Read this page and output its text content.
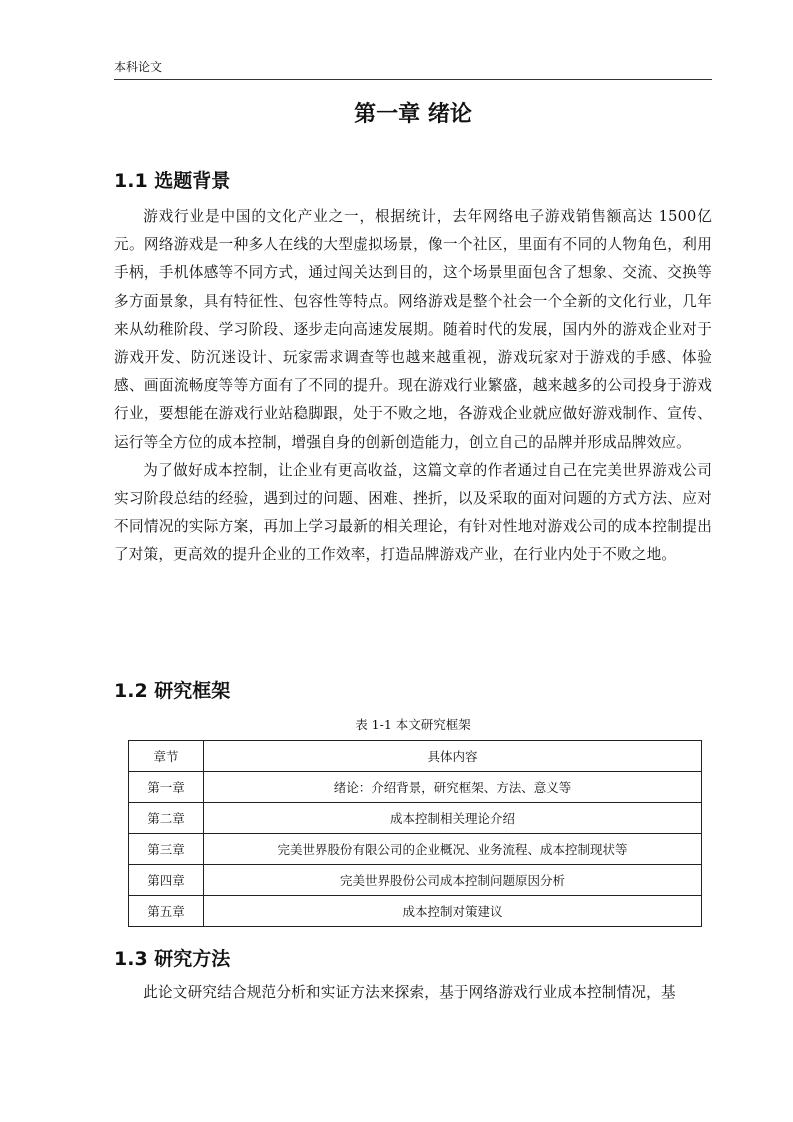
本科论文
第一章 绪论
1.1 选题背景

游戏行业是中国的文化产业之一，根据统计，去年网络电子游戏销售额高达 1500亿元。网络游戏是一种多人在线的大型虚拟场景，像一个社区，里面有不同的人物角色，利用手柄，手机体感等不同方式，通过闯关达到目的，这个场景里面包含了想象、交流、交换等多方面景象，具有特征性、包容性等特点。网络游戏是整个社会一个全新的文化行业，几年来从幼稚阶段、学习阶段、逐步走向高速发展期。随着时代的发展，国内外的游戏企业对于游戏开发、防沉迷设计、玩家需求调查等也越来越重视，游戏玩家对于游戏的手感、体验感、画面流畅度等等方面有了不同的提升。现在游戏行业繁盛，越来越多的公司投身于游戏行业，要想能在游戏行业站稳脚跟，处于不败之地，各游戏企业就应做好游戏制作、宣传、运行等全方位的成本控制，增强自身的创新创造能力，创立自己的品牌并形成品牌效应。

为了做好成本控制，让企业有更高收益，这篇文章的作者通过自己在完美世界游戏公司实习阶段总结的经验，遇到过的问题、困难、挫折，以及采取的面对问题的方式方法、应对不同情况的实际方案，再加上学习最新的相关理论，有针对性地对游戏公司的成本控制提出了对策，更高效的提升企业的工作效率，打造品牌游戏产业，在行业内处于不败之地。

1.2 研究框架
表 1-1 本文研究框架
章节	具体内容
第一章	绪论：介绍背景，研究框架、方法、意义等
第二章	成本控制相关理论介绍
第三章	完美世界股份有限公司的企业概况、业务流程、成本控制现状等
第四章	完美世界股份公司成本控制问题原因分析
第五章	成本控制对策建议
1.3 研究方法

此论文研究结合规范分析和实证方法来探索，基于网络游戏行业成本控制情况，基
